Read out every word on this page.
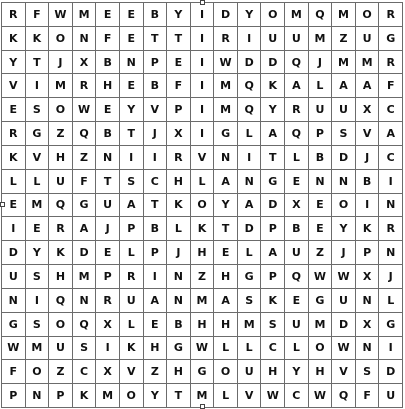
R	F	W	M	E	E	B	Y	I	D	Y	O	M	Q	M	O	R
K	K	O	N	F	E	T	T	I	R	I	U	U	M	Z	U	G
Y	T	J	X	B	N	P	E	I	W	D	D	Q	J	M	M	R
V	I	M	R	H	E	B	F	I	M	Q	K	A	L	A	A	F
E	S	O	W	E	Y	V	P	I	M	Q	Y	R	U	U	X	C
R	G	Z	Q	B	T	J	X	I	G	L	A	Q	P	S	V	A
K	V	H	Z	N	I	I	R	V	N	I	T	L	B	D	J	C
L	L	U	F	T	S	C	H	L	A	N	G	E	N	N	B	I
E	M	Q	G	U	A	T	K	O	Y	A	D	X	E	O	I	N
I	E	R	A	J	P	B	L	K	T	D	P	B	E	Y	K	R
D	Y	K	D	E	L	P	J	H	E	L	A	U	Z	J	P	N
U	S	H	M	P	R	I	N	Z	H	G	P	Q	W	W	X	J
N	I	Q	N	R	U	A	N	M	A	S	K	E	G	U	N	L
G	S	O	Q	X	L	E	B	H	H	M	S	U	M	D	X	G
W	M	U	S	I	K	H	G	W	L	L	C	L	O	W	N	I
F	O	Z	C	X	V	Z	H	G	O	U	H	Y	H	V	S	D
P	N	P	K	M	O	Y	T	M	L	V	W	C	W	Q	F	U
